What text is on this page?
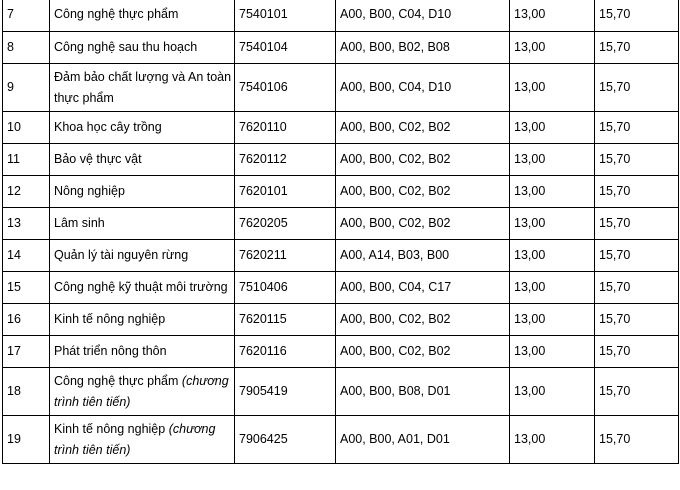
7	Công nghệ thực phẩm	7540101	A00, B00, C04, D10	13,00	15,70
8	Công nghệ sau thu hoạch	7540104	A00, B00, B02, B08	13,00	15,70
9	Đảm bảo chất lượng và An toàn thực phẩm	7540106	A00, B00, C04, D10	13,00	15,70
10	Khoa học cây trồng	7620110	A00, B00, C02, B02	13,00	15,70
11	Bảo vệ thực vật	7620112	A00, B00, C02, B02	13,00	15,70
12	Nông nghiệp	7620101	A00, B00, C02, B02	13,00	15,70
13	Lâm sinh	7620205	A00, B00, C02, B02	13,00	15,70
14	Quản lý tài nguyên rừng	7620211	A00, A14, B03, B00	13,00	15,70
15	Công nghệ kỹ thuật môi trường	7510406	A00, B00, C04, C17	13,00	15,70
16	Kinh tế nông nghiệp	7620115	A00, B00, C02, B02	13,00	15,70
17	Phát triển nông thôn	7620116	A00, B00, C02, B02	13,00	15,70
18	Công nghệ thực phẩm (chương trình tiên tiến)	7905419	A00, B00, B08, D01	13,00	15,70
19	Kinh tế nông nghiệp (chương trình tiên tiến)	7906425	A00, B00, A01, D01	13,00	15,70
